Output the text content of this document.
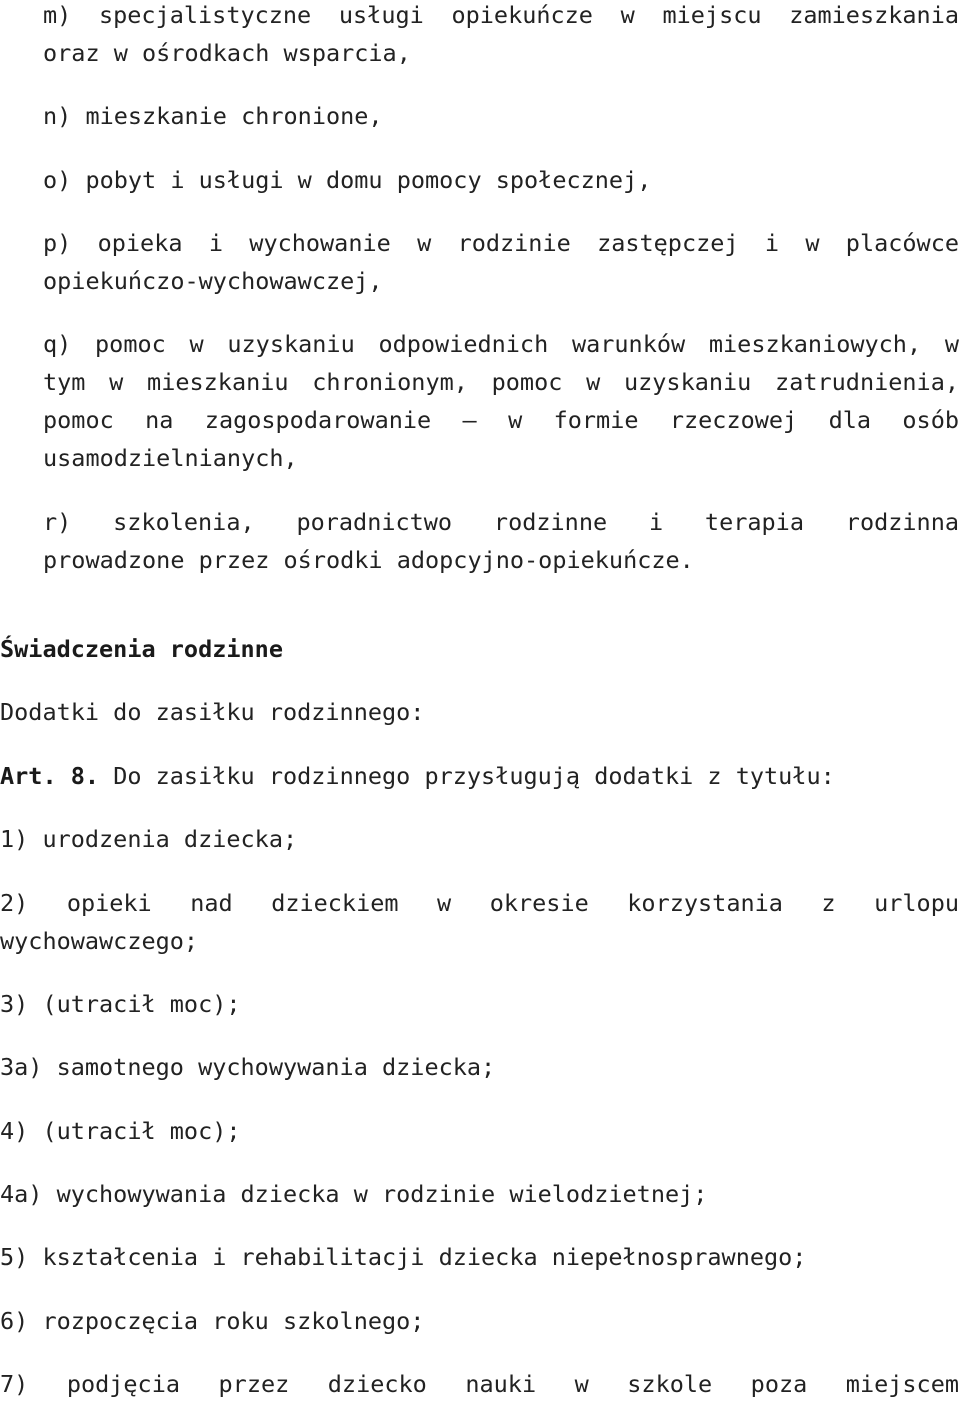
m) specjalistyczne usługi opiekuńcze w miejscu zamieszkania

oraz w ośrodkach wsparcia,

n) mieszkanie chronione,

o) pobyt i usługi w domu pomocy społecznej,

p) opieka i wychowanie w rodzinie zastępczej i w placówce

opiekuńczo-wychowawczej,

q) pomoc w uzyskaniu odpowiednich warunków mieszkaniowych, w

tym w mieszkaniu chronionym, pomoc w uzyskaniu zatrudnienia,

pomoc na zagospodarowanie – w formie rzeczowej dla osób

usamodzielnianych,

r) szkolenia, poradnictwo rodzinne i terapia rodzinna

prowadzone przez ośrodki adopcyjno-opiekuńcze.

Świadczenia rodzinne

Dodatki do zasiłku rodzinnego:

Art. 8. Do zasiłku rodzinnego przysługują dodatki z tytułu:

1) urodzenia dziecka;

2) opieki nad dzieckiem w okresie korzystania z urlopu

wychowawczego;

3) (utracił moc);

3a) samotnego wychowywania dziecka;

4) (utracił moc);

4a) wychowywania dziecka w rodzinie wielodzietnej;

5) kształcenia i rehabilitacji dziecka niepełnosprawnego;

6) rozpoczęcia roku szkolnego;

7) podjęcia przez dziecko nauki w szkole poza miejscem
